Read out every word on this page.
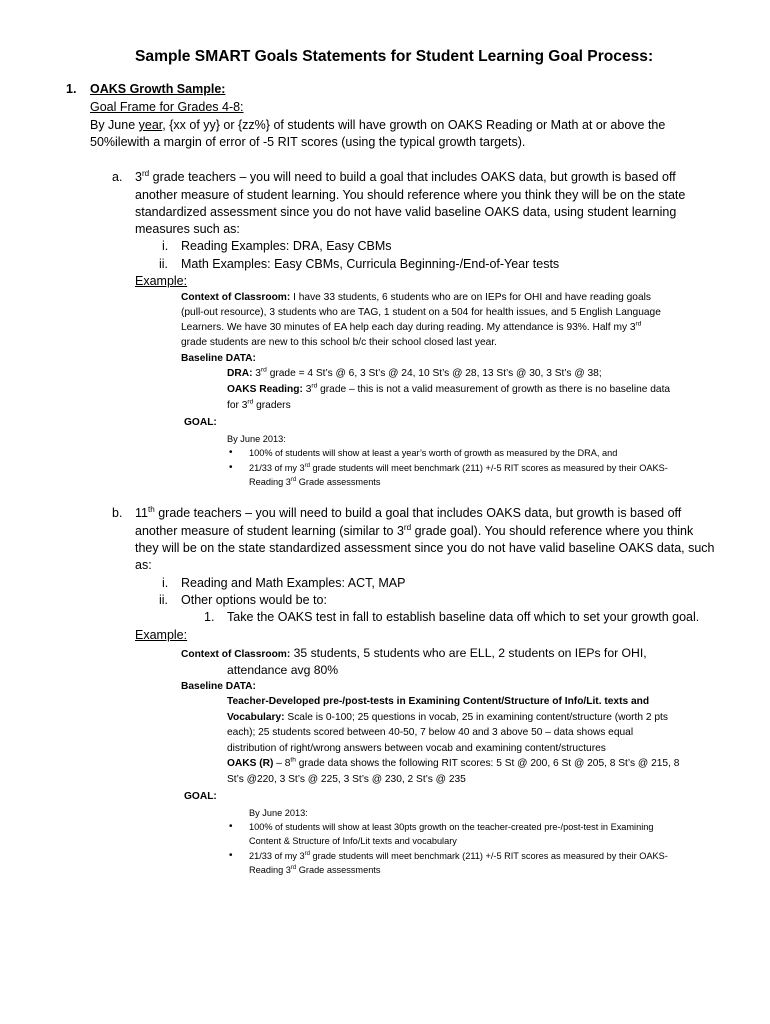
Sample SMART Goals Statements for Student Learning Goal Process:
1. OAKS Growth Sample:
Goal Frame for Grades 4-8:
By June year, {xx of yy} or {zz%} of students will have growth on OAKS Reading or Math at or above the
50%ilewith a margin of error of -5 RIT scores (using the typical growth targets).
a. 3rd grade teachers – you will need to build a goal that includes OAKS data, but growth is based off
another measure of student learning. You should reference where you think they will be on the state
standardized assessment since you do not have valid baseline OAKS data, using student learning
measures such as:
i. Reading Examples: DRA, Easy CBMs
ii. Math Examples: Easy CBMs, Curricula Beginning-/End-of-Year tests
Example:
Context of Classroom: I have 33 students, 6 students who are on IEPs for OHI and have reading goals
(pull-out resource), 3 students who are TAG, 1 student on a 504 for health issues, and 5 English Language
Learners. We have 30 minutes of EA help each day during reading. My attendance is 93%. Half my 3rd
grade students are new to this school b/c their school closed last year.
Baseline DATA:
DRA: 3rd grade = 4 St’s @ 6, 3 St’s @ 24, 10 St’s @ 28, 13 St’s @ 30, 3 St’s @ 38;
OAKS Reading: 3rd grade – this is not a valid measurement of growth as there is no baseline data
for 3rd graders
GOAL:
By June 2013:
• 100% of students will show at least a year’s worth of growth as measured by the DRA, and
• 21/33 of my 3rd grade students will meet benchmark (211) +/-5 RIT scores as measured by their OAKS-
Reading 3rd Grade assessments
b. 11th grade teachers – you will need to build a goal that includes OAKS data, but growth is based off
another measure of student learning (similar to 3rd grade goal). You should reference where you think
they will be on the state standardized assessment since you do not have valid baseline OAKS data, such
as:
i. Reading and Math Examples: ACT, MAP
ii. Other options would be to:
1. Take the OAKS test in fall to establish baseline data off which to set your growth goal.
Example:
Context of Classroom: 35 students, 5 students who are ELL, 2 students on IEPs for OHI,
attendance avg 80%
Baseline DATA:
Teacher-Developed pre-/post-tests in Examining Content/Structure of Info/Lit. texts and
Vocabulary: Scale is 0-100; 25 questions in vocab, 25 in examining content/structure (worth 2 pts
each); 25 students scored between 40-50, 7 below 40 and 3 above 50 – data shows equal
distribution of right/wrong answers between vocab and examining content/structures
OAKS (R) – 8th grade data shows the following RIT scores: 5 St @ 200, 6 St @ 205, 8 St’s @ 215, 8
St’s @220, 3 St’s @ 225, 3 St’s @ 230, 2 St’s @ 235
GOAL:
By June 2013:
• 100% of students will show at least 30pts growth on the teacher-created pre-/post-test in Examining
Content & Structure of Info/Lit texts and vocabulary
• 21/33 of my 3rd grade students will meet benchmark (211) +/-5 RIT scores as measured by their OAKS-
Reading 3rd Grade assessments
